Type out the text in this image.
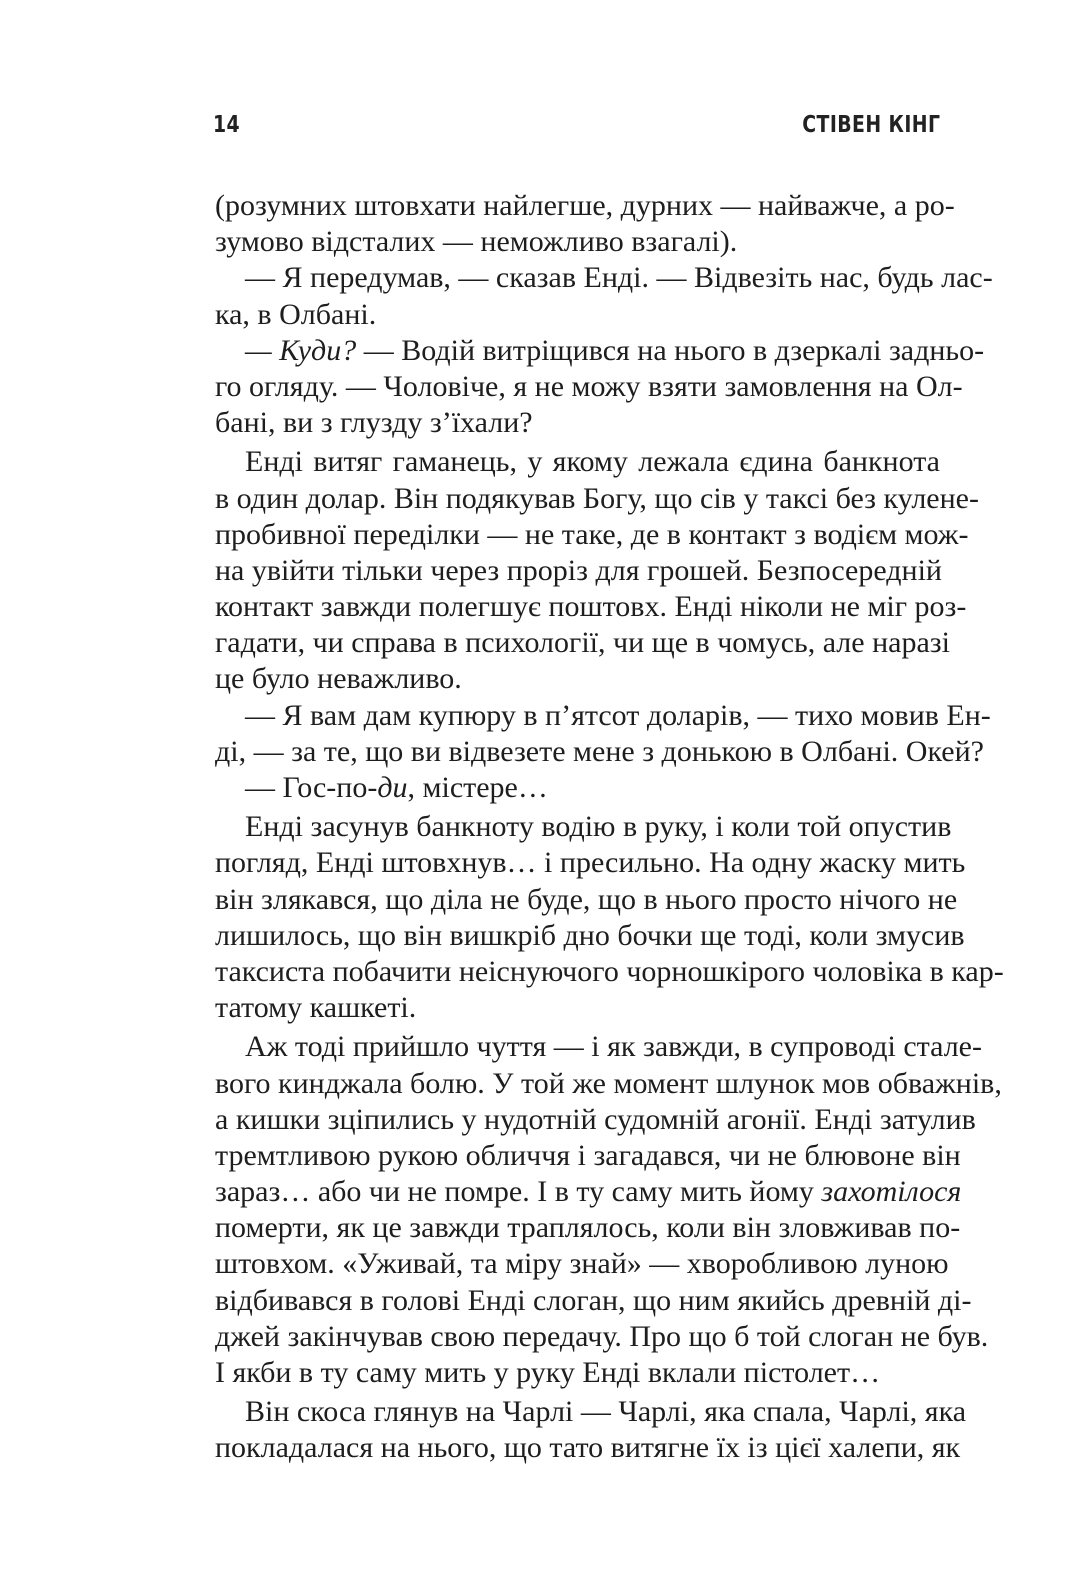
14	СТІВЕН КІНГ
(розумних штовхати найлегше, дурних — найважче, а ро-
зумово відсталих — неможливо взагалі).
— Я передумав, — сказав Енді. — Відвезіть нас, будь лас-
ка, в Олбані.
— Куди? — Водій витріщився на нього в дзеркалі задньо-
го огляду. — Чоловіче, я не можу взяти замовлення на Ол-
бані, ви з глузду з’їхали?
Енді витяг гаманець, у якому лежала єдина банкнота
в один долар. Він подякував Богу, що сів у таксі без кулене-
пробивної переділки — не таке, де в контакт з водієм мож-
на увійти тільки через проріз для грошей. Безпосередній
контакт завжди полегшує поштовх. Енді ніколи не міг роз-
гадати, чи справа в психології, чи ще в чомусь, але наразі
це було неважливо.
— Я вам дам купюру в п’ятсот доларів, — тихо мовив Ен-
ді, — за те, що ви відвезете мене з донькою в Олбані. Окей?
— Гос-по-ди, містере…
Енді засунув банкноту водію в руку, і коли той опустив
погляд, Енді штовхнув… і пресильно. На одну жаску мить
він злякався, що діла не буде, що в нього просто нічого не
лишилось, що він вишкріб дно бочки ще тоді, коли змусив
таксиста побачити неіснуючого чорношкірого чоловіка в кар-
татому кашкеті.
Аж тоді прийшло чуття — і як завжди, в супроводі стале-
вого кинджала болю. У той же момент шлунок мов обважнів,
а кишки зціпились у нудотній судомній агонії. Енді затулив
тремтливою рукою обличчя і загадався, чи не блювоне він
зараз… або чи не помре. І в ту саму мить йому захотілося
померти, як це завжди траплялось, коли він зловживав по-
штовхом. «Уживай, та міру знай» — хворобливою луною
відбивався в голові Енді слоган, що ним якийсь древній ді-
джей закінчував свою передачу. Про що б той слоган не був.
І якби в ту саму мить у руку Енді вклали пістолет…
Він скоса глянув на Чарлі — Чарлі, яка спала, Чарлі, яка
покладалася на нього, що тато витягне їх із цієї халепи, як
